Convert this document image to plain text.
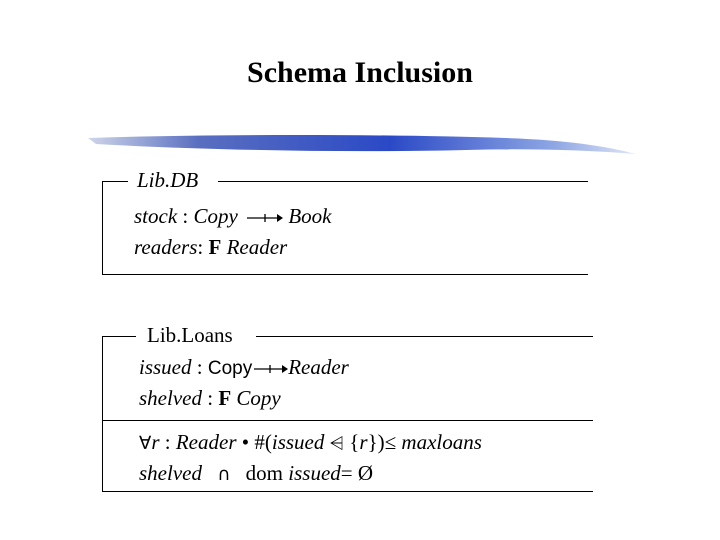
Schema Inclusion
Lib.DB
stock : Copy Book
readers: F Reader
Lib.Loans
issued : Copy Reader
shelved : F Copy
∀r : Reader • #(issued ⩤ {r})≤ maxloans
shelved ∩ dom issued= Ø
